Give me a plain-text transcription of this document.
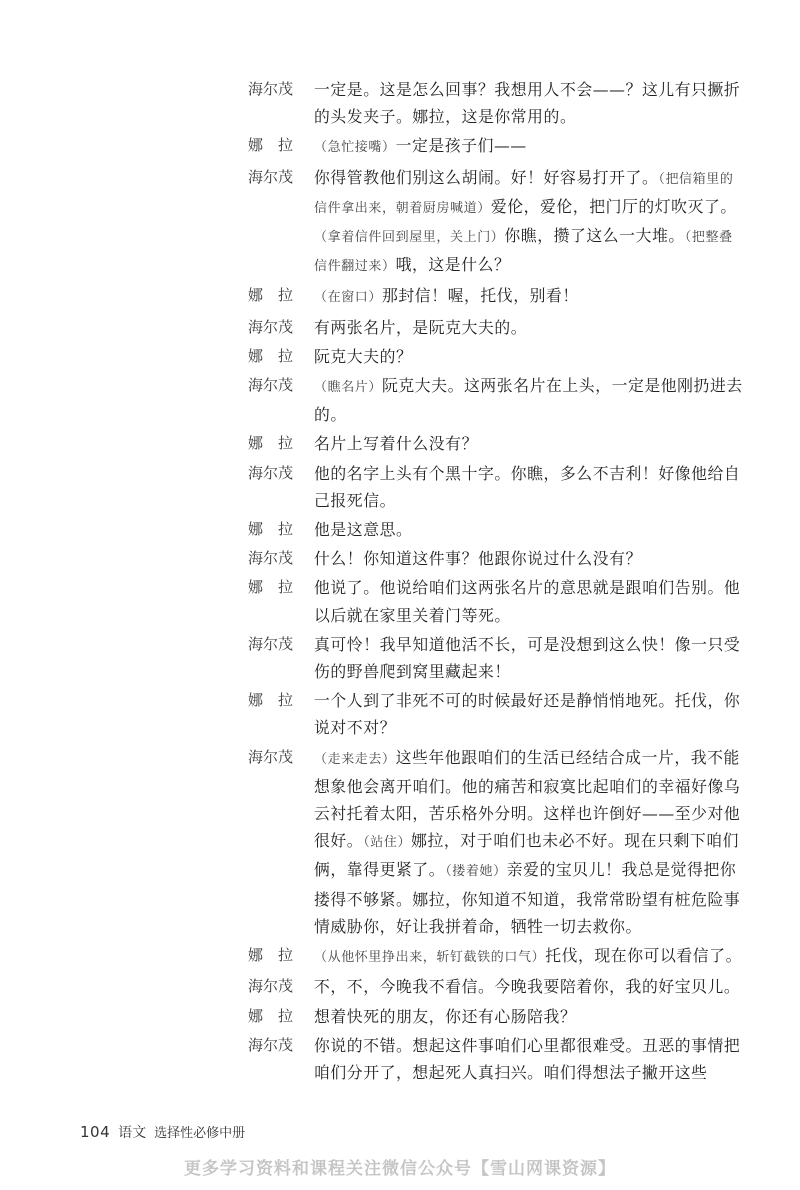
海尔茂	一定是。这是怎么回事？我想用人不会——？这儿有只撅折的头发夹子。娜拉，这是你常用的。
娜　拉	（急忙接嘴）一定是孩子们——
海尔茂	你得管教他们别这么胡闹。好！好容易打开了。（把信箱里的信件拿出来，朝着厨房喊道）爱伦，爱伦，把门厅的灯吹灭了。（拿着信件回到屋里，关上门）你瞧，攒了这么一大堆。（把整叠信件翻过来）哦，这是什么？
娜　拉	（在窗口）那封信！喔，托伐，别看！
海尔茂	有两张名片，是阮克大夫的。
娜　拉	阮克大夫的？
海尔茂	（瞧名片）阮克大夫。这两张名片在上头，一定是他刚扔进去的。
娜　拉	名片上写着什么没有？
海尔茂	他的名字上头有个黑十字。你瞧，多么不吉利！好像他给自己报死信。
娜　拉	他是这意思。
海尔茂	什么！你知道这件事？他跟你说过什么没有？
娜　拉	他说了。他说给咱们这两张名片的意思就是跟咱们告别。他以后就在家里关着门等死。
海尔茂	真可怜！我早知道他活不长，可是没想到这么快！像一只受伤的野兽爬到窝里藏起来！
娜　拉	一个人到了非死不可的时候最好还是静悄悄地死。托伐，你说对不对？
海尔茂	（走来走去）这些年他跟咱们的生活已经结合成一片，我不能想象他会离开咱们。他的痛苦和寂寞比起咱们的幸福好像乌云衬托着太阳，苦乐格外分明。这样也许倒好——至少对他很好。（站住）娜拉，对于咱们也未必不好。现在只剩下咱们俩，靠得更紧了。（搂着她）亲爱的宝贝儿！我总是觉得把你搂得不够紧。娜拉，你知道不知道，我常常盼望有桩危险事情威胁你，好让我拼着命，牺牲一切去救你。
娜　拉	（从他怀里挣出来，斩钉截铁的口气）托伐，现在你可以看信了。
海尔茂	不，不，今晚我不看信。今晚我要陪着你，我的好宝贝儿。
娜　拉	想着快死的朋友，你还有心肠陪我？
海尔茂	你说的不错。想起这件事咱们心里都很难受。丑恶的事情把咱们分开了，想起死人真扫兴。咱们得想法子撇开这些
104 语文 选择性必修中册
更多学习资料和课程关注微信公众号【雪山网课资源】
